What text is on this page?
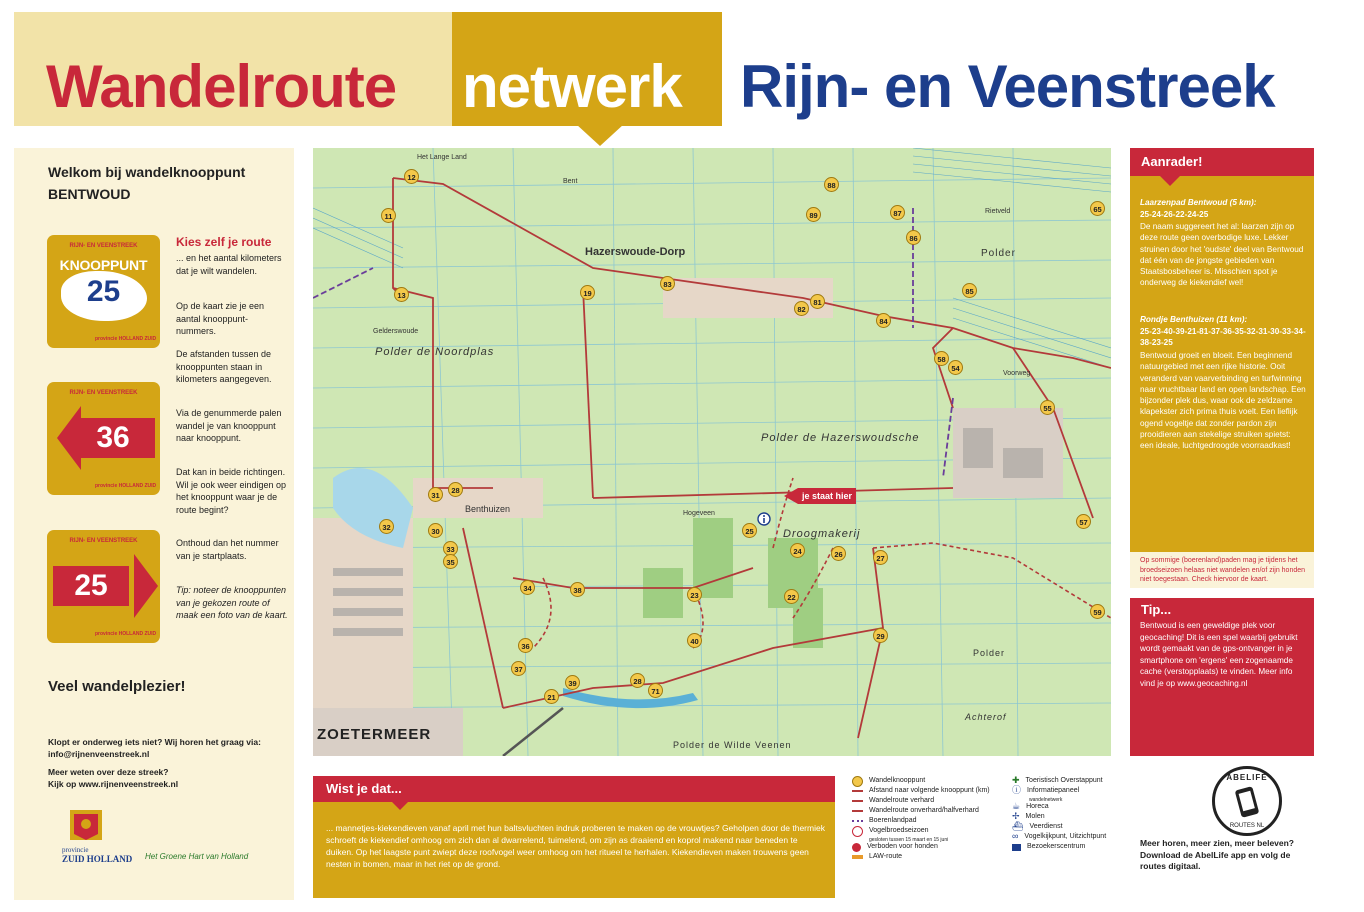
Wandelroute netwerk Rijn- en Veenstreek
Welkom bij wandelknooppunt
BENTWOUD
RIJN- EN VEENSTREEK
KNOOPPUNT
25
provincie HOLLAND ZUID
RIJN- EN VEENSTREEK
36
provincie HOLLAND ZUID
RIJN- EN VEENSTREEK
25
provincie HOLLAND ZUID
Kies zelf je route
... en het aantal kilometers dat je wilt wandelen.
Op de kaart zie je een aantal knooppunt-nummers.
De afstanden tussen de knooppunten staan in kilometers aangegeven.
Via de genummerde palen wandel je van knooppunt naar knooppunt.
Dat kan in beide richtingen. Wil je ook weer eindigen op het knooppunt waar je de route begint?
Onthoud dan het nummer van je startplaats.
Tip: noteer de knooppunten van je gekozen route of maak een foto van de kaart.
Veel wandelplezier!
Klopt er onderweg iets niet? Wij horen het graag via:
info@rijnenveenstreek.nl
Meer weten over deze streek?
Kijk op www.rijnenveenstreek.nl
provincie
ZUID HOLLAND Het Groene Hart van Holland
Hazerswoude-Dorp
Polder de Noordplas
Polder de Hazerswoudsche
Droogmakerij
Benthuizen
ZOETERMEER
Polder de Wilde Veenen
Polder
Polder
Achterof
Het Lange Land
Bent
Gelderswoude
Hogeveen
Rietveld
Voorweg
12
11
13	19
83
82
81
89
88
87
86
85
84
58
54
55
65
57
59
31
28
32	30
33
35
34	38
23
25
24	26	27
22
40
36
37
21
39	28
71
29
je staat hier
Wist je dat...
... mannetjes-kiekendieven vanaf april met hun baltsvluchten indruk proberen te maken op de vrouwtjes? Geholpen door de thermiek schroeft de kiekendief omhoog om zich dan al dwarrelend, tuimelend, om zijn as draaiend en koprol makend naar beneden te duiken. Op het laagste punt zwiept deze roofvogel weer omhoog om het ritueel te herhalen. Kiekendieven maken trouwens geen nesten in bomen, maar in het riet op de grond.
Wandelknooppunt
Afstand naar volgende knooppunt (km)
Wandelroute verhard
Wandelroute onverhard/halfverhard
Boerenlandpad
Vogelbroedseizoen
gesloten tussen 15 maart en 15 juni
Verboden voor honden
LAW-route
✚ Toeristisch Overstappunt
ⓘ Informatiepaneel
wandelnetwerk
☕ Horeca
✢ Molen
⛴ Veerdienst
∞ Vogelkijkpunt, Uitzichtpunt
Bezoekerscentrum
Aanrader!
Laarzenpad Bentwoud (5 km):
25-24-26-22-24-25
De naam suggereert het al: laarzen zijn op deze route geen overbodige luxe. Lekker struinen door het 'oudste' deel van Bentwoud dat één van de jongste gebieden van Staatsbosbeheer is. Misschien spot je onderweg de kiekendief wel!
Rondje Benthuizen (11 km):
25-23-40-39-21-81-37-36-35-32-31-30-33-34-38-23-25
Bentwoud groeit en bloeit. Een beginnend natuurgebied met een rijke historie. Ooit veranderd van vaarverbinding en turfwinning naar vruchtbaar land en open landschap. Een bijzonder plek dus, waar ook de zeldzame klapekster zich prima thuis voelt. Een lieflijk ogend vogeltje dat zonder pardon zijn prooidieren aan stekelige struiken spietst: een ideale, luchtgedroogde voorraadkast!
Op sommige (boerenland)paden mag je tijdens het broedseizoen helaas niet wandelen en/of zijn honden niet toegestaan. Check hiervoor de kaart.
Tip...
Bentwoud is een geweldige plek voor geocaching! Dit is een spel waarbij gebruikt wordt gemaakt van de gps-ontvanger in je smartphone om 'ergens' een zogenaamde cache (verstopplaats) te vinden. Meer info vind je op www.geocaching.nl
ABELIFE
ROUTES NL
Meer horen, meer zien, meer beleven? Download de AbelLife app en volg de routes digitaal.
